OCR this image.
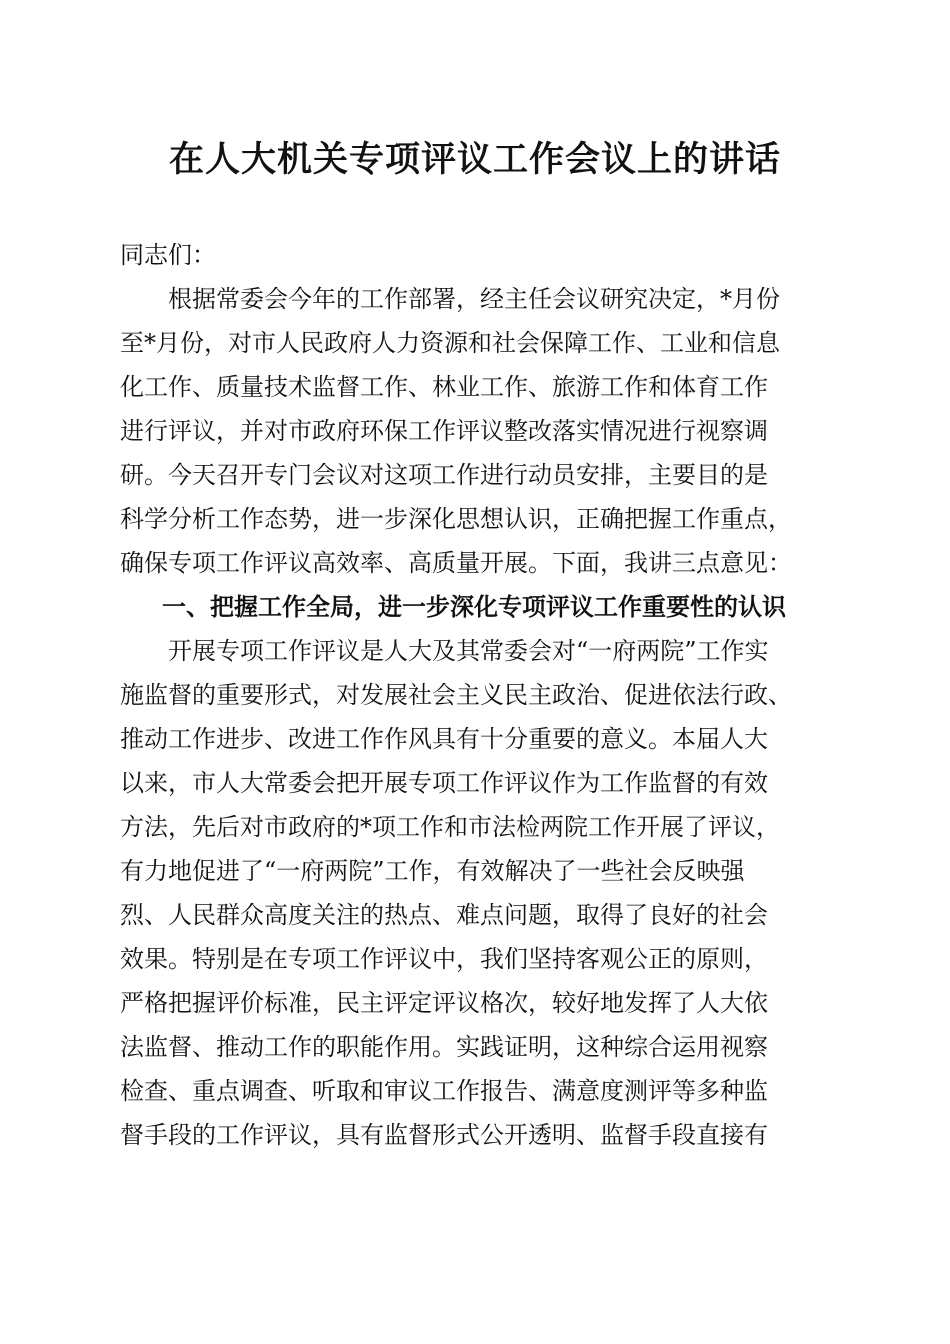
在人大机关专项评议工作会议上的讲话

同志们：

根据常委会今年的工作部署，经主任会议研究决定，*月份

至*月份，对市人民政府人力资源和社会保障工作、工业和信息

化工作、质量技术监督工作、林业工作、旅游工作和体育工作

进行评议，并对市政府环保工作评议整改落实情况进行视察调

研。今天召开专门会议对这项工作进行动员安排，主要目的是

科学分析工作态势，进一步深化思想认识，正确把握工作重点，

确保专项工作评议高效率、高质量开展。下面，我讲三点意见：

一、把握工作全局，进一步深化专项评议工作重要性的认识

开展专项工作评议是人大及其常委会对“一府两院”工作实

施监督的重要形式，对发展社会主义民主政治、促进依法行政、

推动工作进步、改进工作作风具有十分重要的意义。本届人大

以来，市人大常委会把开展专项工作评议作为工作监督的有效

方法，先后对市政府的*项工作和市法检两院工作开展了评议，

有力地促进了“一府两院”工作，有效解决了一些社会反映强

烈、人民群众高度关注的热点、难点问题，取得了良好的社会

效果。特别是在专项工作评议中，我们坚持客观公正的原则，

严格把握评价标准，民主评定评议格次，较好地发挥了人大依

法监督、推动工作的职能作用。实践证明，这种综合运用视察

检查、重点调查、听取和审议工作报告、满意度测评等多种监

督手段的工作评议，具有监督形式公开透明、监督手段直接有
